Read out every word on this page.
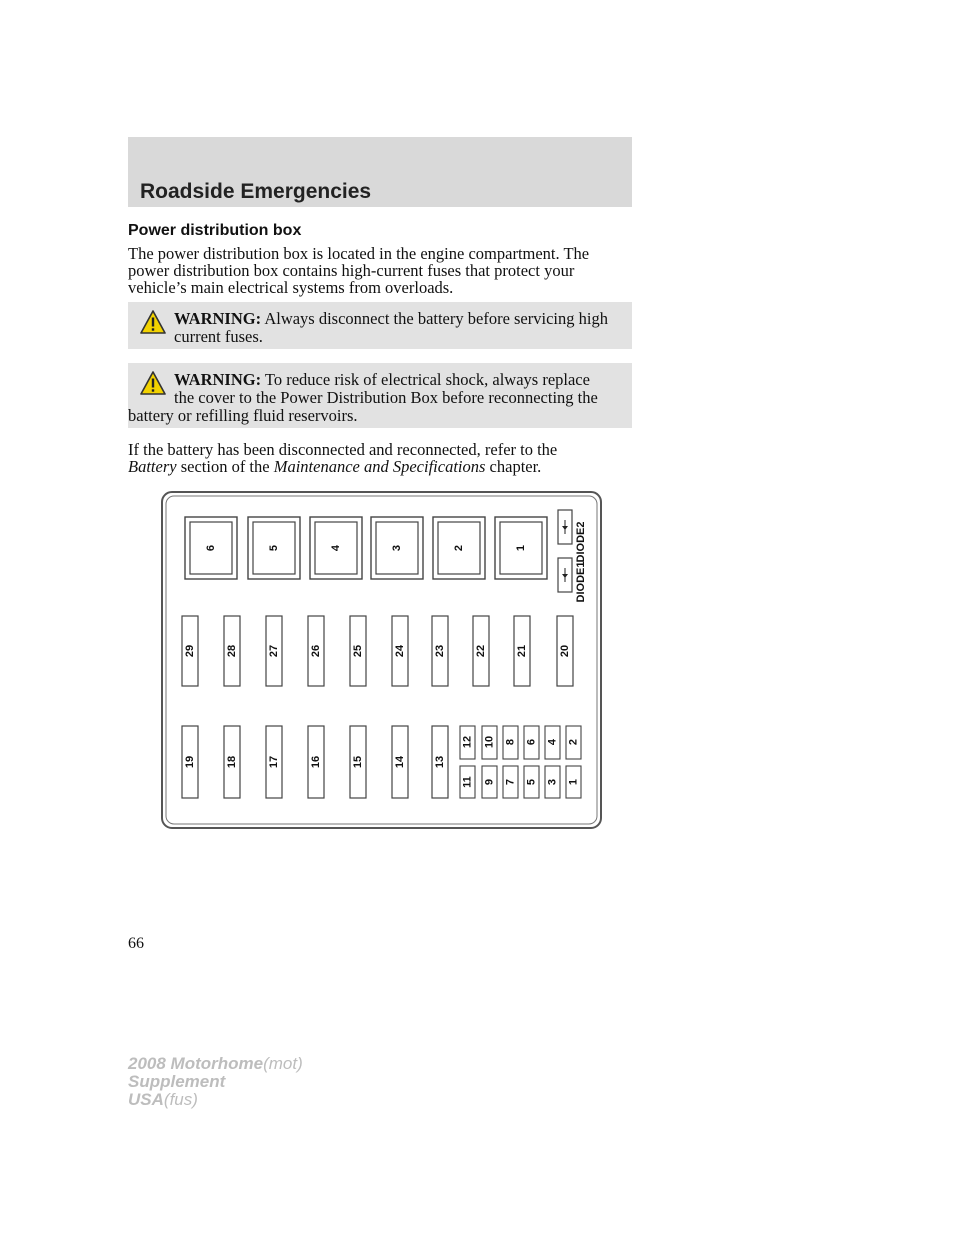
Roadside Emergencies
Power distribution box

The power distribution box is located in the engine compartment. The

power distribution box contains high-current fuses that protect your

vehicle’s main electrical systems from overloads.

WARNING: Always disconnect the battery before servicing high
current fuses.
WARNING: To reduce risk of electrical shock, always replace
the cover to the Power Distribution Box before reconnecting the
battery or refilling fluid reservoirs.

If the battery has been disconnected and reconnected, refer to the

Battery section of the Maintenance and Specifications chapter.

6	5	4	3	2	1
DIODE1
DIODE2
29	28	27	26	25	24	23	22	21	20
19	18	17	16	15	14	13
12 10 8 6 4 2
11 9 7 5 3 1
66
2008 Motorhome(mot)
Supplement
USA(fus)
